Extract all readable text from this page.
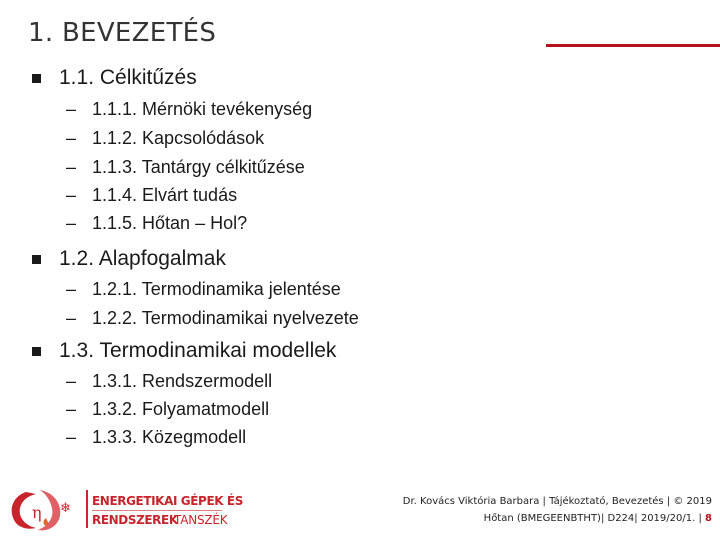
1. BEVEZETÉS
1.1. Célkitűzés
– 1.1.1. Mérnöki tevékenység
– 1.1.2. Kapcsolódások
– 1.1.3. Tantárgy célkitűzése
– 1.1.4. Elvárt tudás
– 1.1.5. Hőtan – Hol?
1.2. Alapfogalmak
– 1.2.1. Termodinamika jelentése
– 1.2.2. Termodinamikai nyelvezete
1.3. Termodinamikai modellek
– 1.3.1. Rendszermodell
– 1.3.2. Folyamatmodell
– 1.3.3. Közegmodell
η ❄ ENERGETIKAI GÉPEK ÉS
RENDSZEREK
TANSZÉK
Dr. Kovács Viktória Barbara | Tájékoztató, Bevezetés | © 2019
Hőtan (BMEGEENBTHT)| D224| 2019/20/1. | 8
